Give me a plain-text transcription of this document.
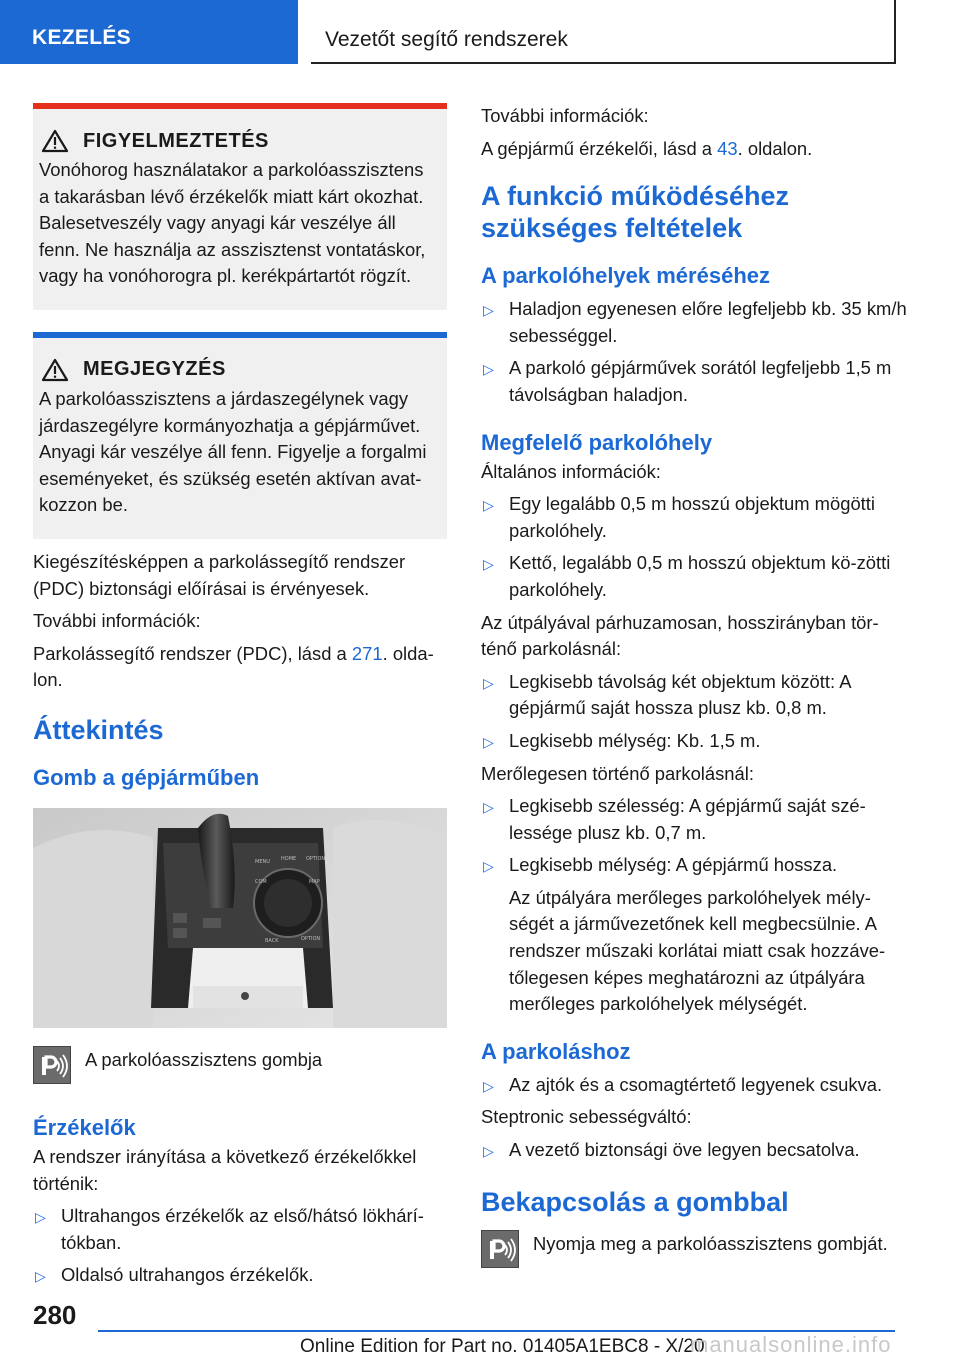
KEZELÉS	Vezetőt segítő rendszerek
FIGYELMEZTETÉS

Vonóhorog használatakor a parkolóasszisztens a takarásban lévő érzékelők miatt kárt okozhat. Balesetveszély vagy anyagi kár veszélye áll fenn. Ne használja az asszisztenst vontatáskor, vagy ha vonóhorogra pl. kerékpártartót rögzít.

MEGJEGYZÉS

A parkolóasszisztens a járdaszegélynek vagy járdaszegélyre kormányozhatja a gépjárművet. Anyagi kár veszélye áll fenn. Figyelje a forgalmi eseményeket, és szükség esetén aktívan avat-kozzon be.

Kiegészítésképpen a parkolássegítő rendszer (PDC) biztonsági előírásai is érvényesek.

További információk:

Parkolássegítő rendszer (PDC), lásd a 271. olda-lon.

Áttekintés
Gomb a gépjárműben
MENU HOME OPTION
COM	MAP
BACK	OPTION
A parkolóasszisztens gombja
Érzékelők

A rendszer irányítása a következő érzékelőkkel történik:

▷ Ultrahangos érzékelők az első/hátsó lökhárí-tókban.
▷ Oldalsó ultrahangos érzékelők.

További információk:

A gépjármű érzékelői, lásd a 43. oldalon.

A funkció működéséhez szükséges feltételek
A parkolóhelyek méréséhez
▷ Haladjon egyenesen előre legfeljebb kb. 35 km/h sebességgel.
▷ A parkoló gépjárművek sorától legfeljebb 1,5 m távolságban haladjon.
Megfelelő parkolóhely

Általános információk:

▷ Egy legalább 0,5 m hosszú objektum mögötti parkolóhely.
▷ Kettő, legalább 0,5 m hosszú objektum kö-zötti parkolóhely.

Az útpályával párhuzamosan, hosszirányban tör-ténő parkolásnál:

▷ Legkisebb távolság két objektum között: A gépjármű saját hossza plusz kb. 0,8 m.
▷ Legkisebb mélység: Kb. 1,5 m.

Merőlegesen történő parkolásnál:

▷ Legkisebb szélesség: A gépjármű saját szé-lessége plusz kb. 0,7 m.
▷ Legkisebb mélység: A gépjármű hossza.

Az útpályára merőleges parkolóhelyek mély-ségét a járművezetőnek kell megbecsülnie. A rendszer műszaki korlátai miatt csak hozzáve-tőlegesen képes meghatározni az útpályára merőleges parkolóhelyek mélységét.

A parkoláshoz
▷ Az ajtók és a csomagtértető legyenek csukva.

Steptronic sebességváltó:

▷ A vezető biztonsági öve legyen becsatolva.
Bekapcsolás a gombbal
Nyomja meg a parkolóasszisztens gombját.
280
Online Edition for Part no. 01405A1EBC8 - X/20
manualsonline.info
